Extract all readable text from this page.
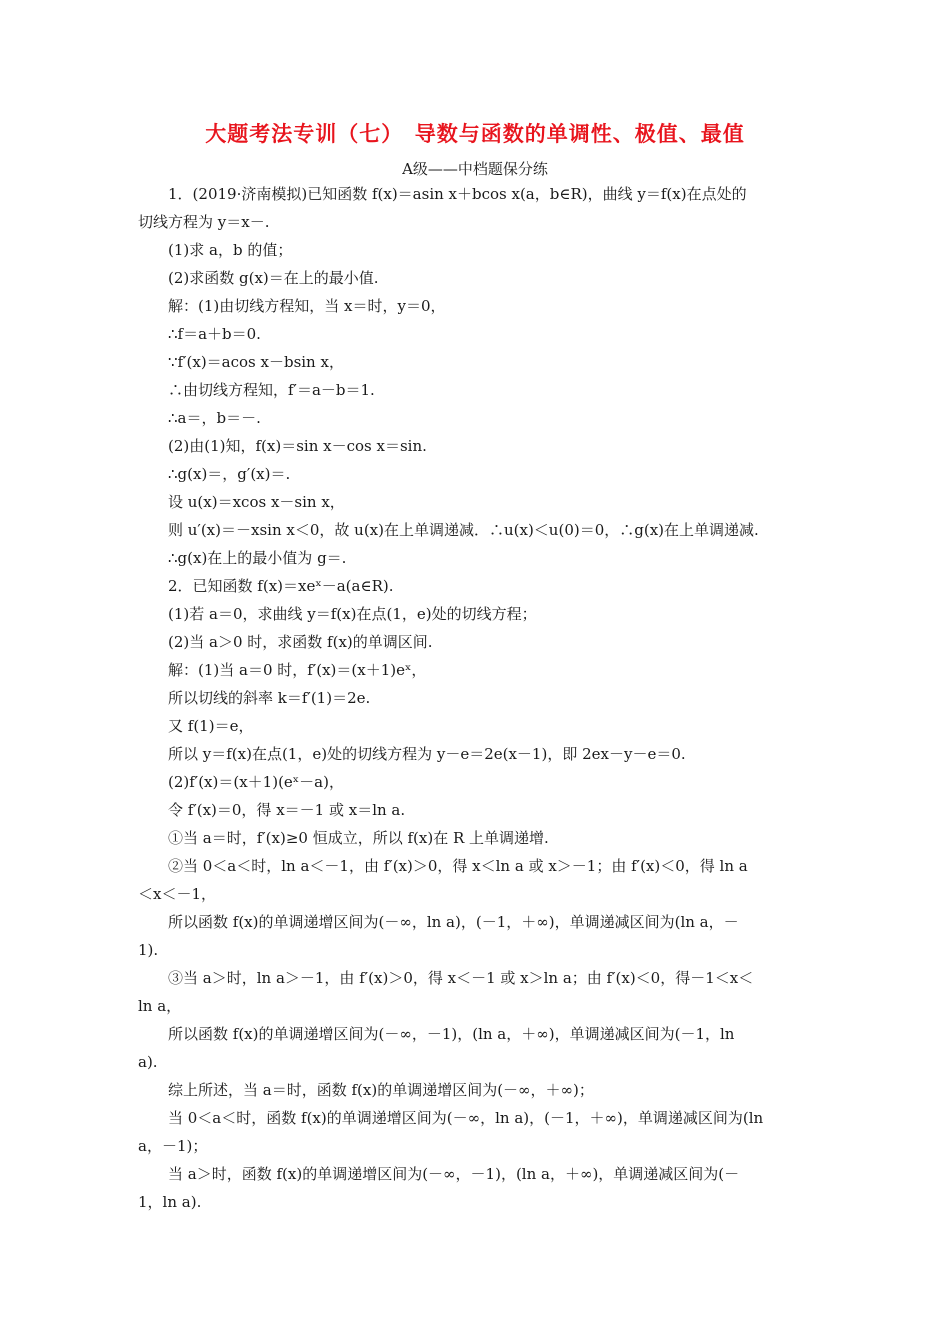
大题考法专训（七）　导数与函数的单调性、极值、最值
A级——中档题保分练
1．(2019·济南模拟)已知函数 f(x)＝asin x＋bcos x(a，b∈R)，曲线 y＝f(x)在点处的
切线方程为 y＝x－.
(1)求 a，b 的值；
(2)求函数 g(x)＝在上的最小值.
解：(1)由切线方程知，当 x＝时，y＝0，
∴f＝a＋b＝0.
∵f′(x)＝acos x－bsin x，
∴由切线方程知，f′＝a－b＝1.
∴a＝，b＝－.
(2)由(1)知，f(x)＝sin x－cos x＝sin.
∴g(x)＝，g′(x)＝.
设 u(x)＝xcos x－sin x，
则 u′(x)＝－xsin x＜0，故 u(x)在上单调递减．∴u(x)＜u(0)＝0，∴g(x)在上单调递减.
∴g(x)在上的最小值为 g＝.
2．已知函数 f(x)＝xeˣ－a(a∈R).
(1)若 a＝0，求曲线 y＝f(x)在点(1，e)处的切线方程；
(2)当 a＞0 时，求函数 f(x)的单调区间.
解：(1)当 a＝0 时，f′(x)＝(x＋1)eˣ，
所以切线的斜率 k＝f′(1)＝2e.
又 f(1)＝e，
所以 y＝f(x)在点(1，e)处的切线方程为 y－e＝2e(x－1)，即 2ex－y－e＝0.
(2)f′(x)＝(x＋1)(eˣ－a)，
令 f′(x)＝0，得 x＝－1 或 x＝ln a.
①当 a＝时，f′(x)≥0 恒成立，所以 f(x)在 R 上单调递增.
②当 0＜a＜时，ln a＜－1，由 f′(x)＞0，得 x＜ln a 或 x＞－1；由 f′(x)＜0，得 ln a
＜x＜－1，
所以函数 f(x)的单调递增区间为(－∞，ln a)，(－1，＋∞)，单调递减区间为(ln a，－
1).
③当 a＞时，ln a＞－1，由 f′(x)＞0，得 x＜－1 或 x＞ln a；由 f′(x)＜0，得－1＜x＜
ln a，
所以函数 f(x)的单调递增区间为(－∞，－1)，(ln a，＋∞)，单调递减区间为(－1，ln
a).
综上所述，当 a＝时，函数 f(x)的单调递增区间为(－∞，＋∞)；
当 0＜a＜时，函数 f(x)的单调递增区间为(－∞，ln a)，(－1，＋∞)，单调递减区间为(ln
a，－1)；
当 a＞时，函数 f(x)的单调递增区间为(－∞，－1)，(ln a，＋∞)，单调递减区间为(－
1，ln a).
